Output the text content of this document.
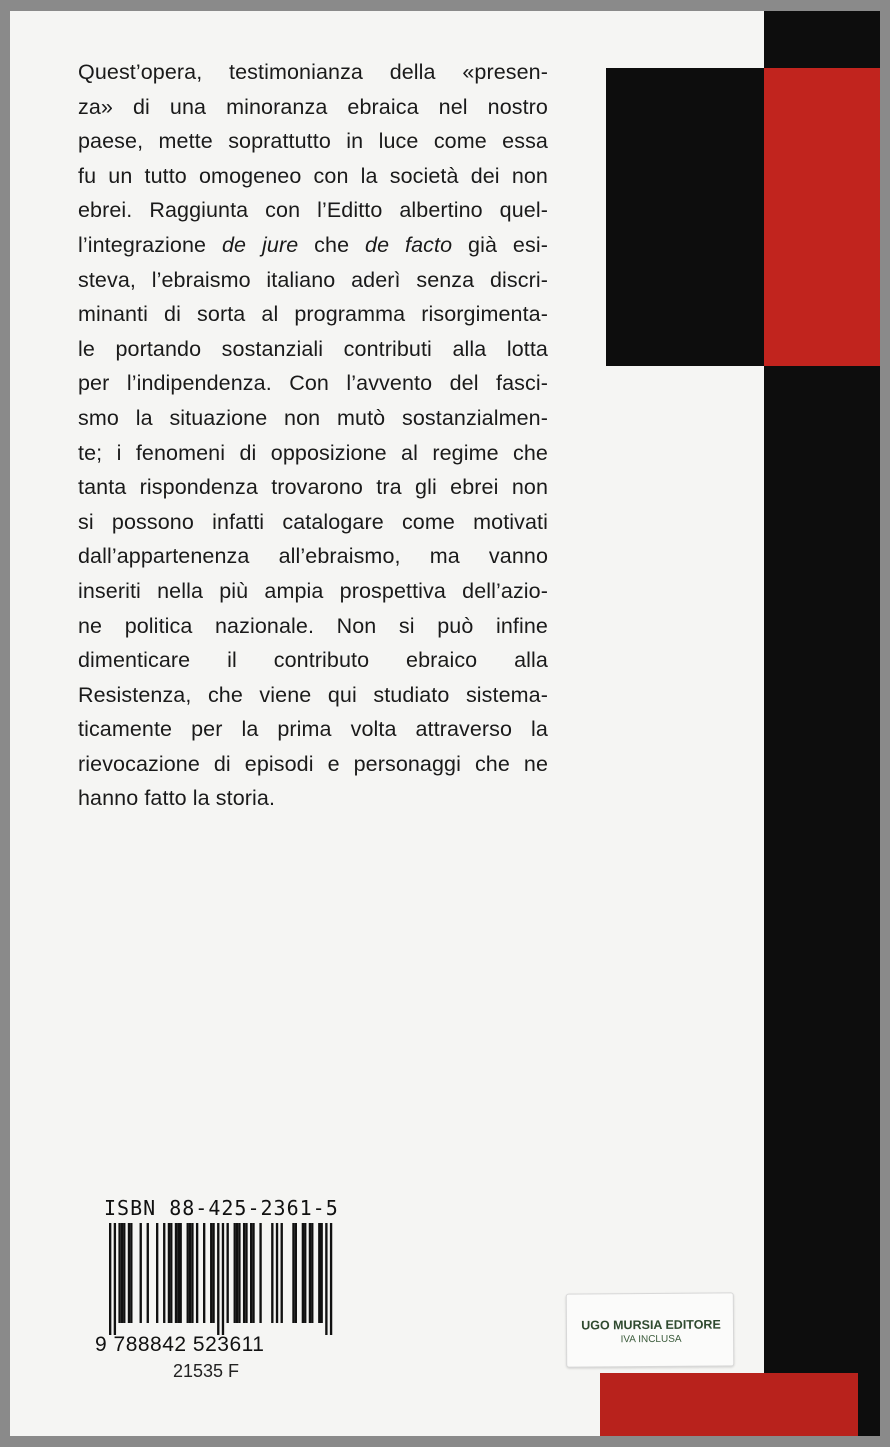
Quest’opera, testimonianza della «presen-
za» di una minoranza ebraica nel nostro
paese, mette soprattutto in luce come essa
fu un tutto omogeneo con la società dei non
ebrei. Raggiunta con l’Editto albertino quel-
l’integrazione de jure che de facto già esi-
steva, l’ebraismo italiano aderì senza discri-
minanti di sorta al programma risorgimenta-
le portando sostanziali contributi alla lotta
per l’indipendenza. Con l’avvento del fasci-
smo la situazione non mutò sostanzialmen-
te; i fenomeni di opposizione al regime che
tanta rispondenza trovarono tra gli ebrei non
si possono infatti catalogare come motivati
dall’appartenenza all’ebraismo, ma vanno
inseriti nella più ampia prospettiva dell’azio-
ne politica nazionale. Non si può infine
dimenticare il contributo ebraico alla
Resistenza, che viene qui studiato sistema-
ticamente per la prima volta attraverso la
rievocazione di episodi e personaggi che ne
hanno fatto la storia.
ISBN 88-425-2361-5
9 788842 523611
21535 F
UGO MURSIA EDITORE
IVA INCLUSA
